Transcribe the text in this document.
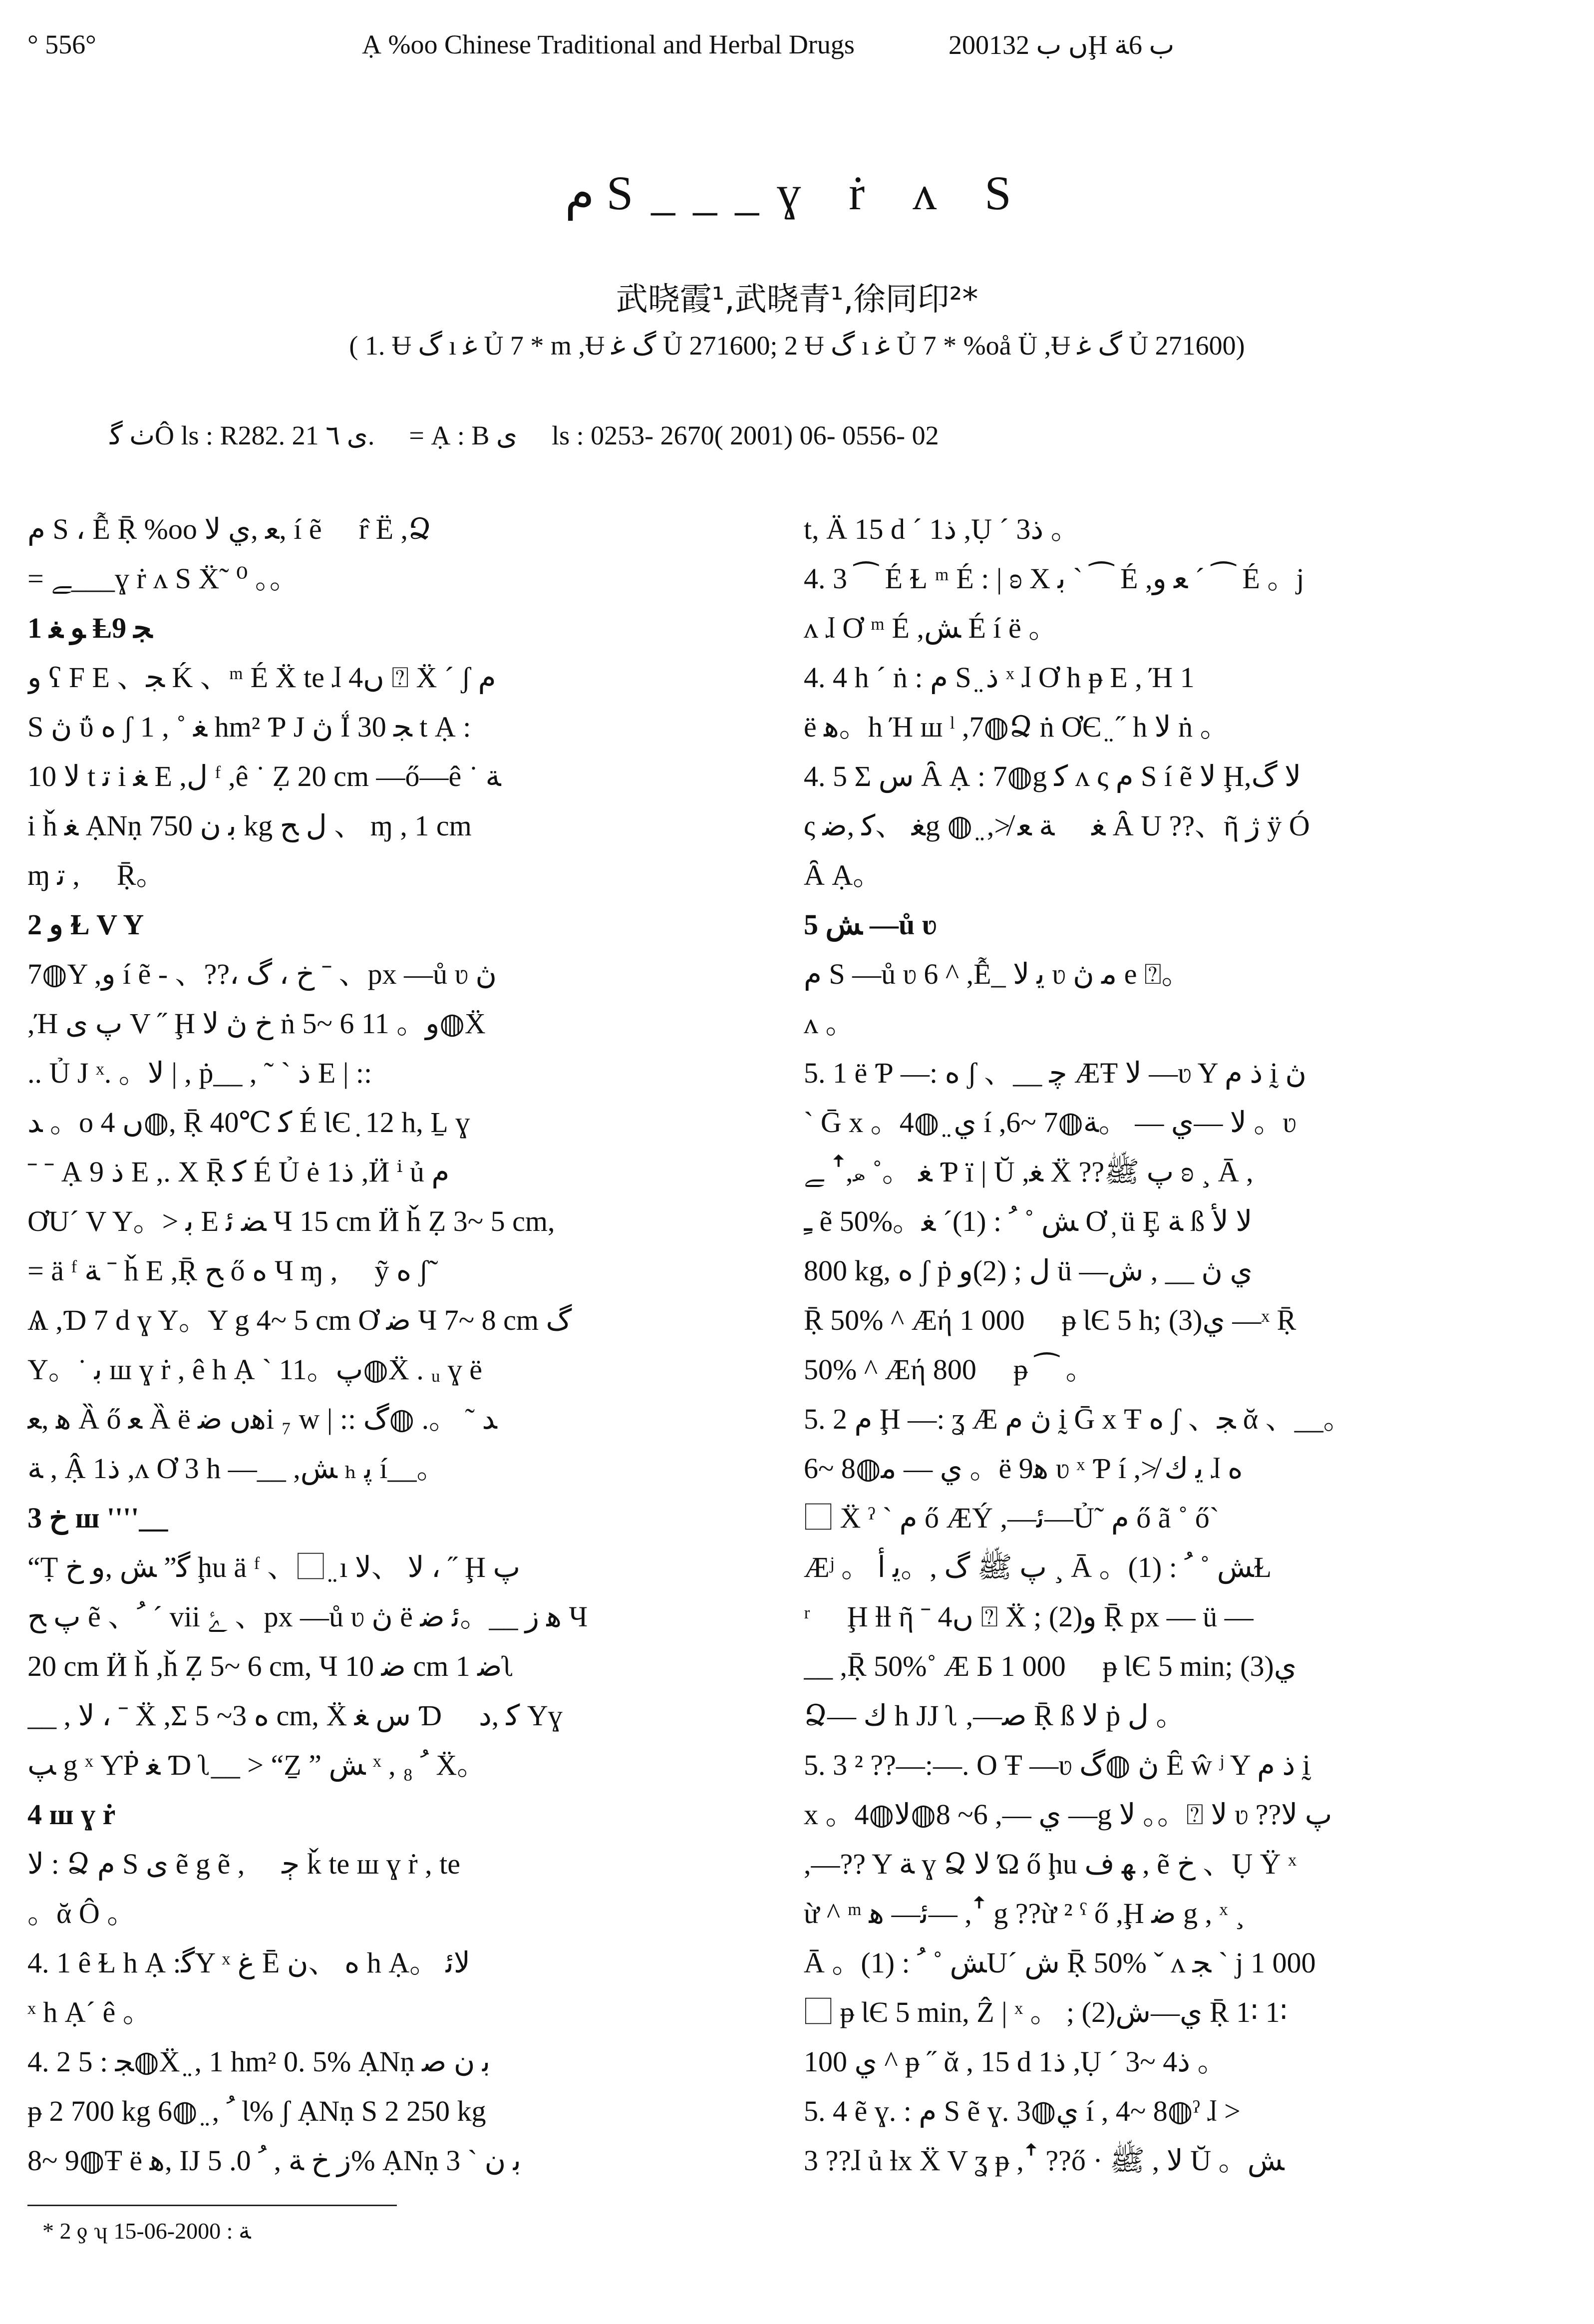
° 556°	Ạ %oo Chinese Traditional and Herbal Drugs	2001ں ب 32Ḩ ب 6ﺔ
م S___ɣ ṙ ʌ S
武晓霞¹,武晓青¹,徐同印²*
( 1. Ʉ گ ı ﻏ Ủ 7 * m ,Ʉ گ ﻏ Ủ 271600; 2 Ʉ گ ı ﻏ Ủ 7 * %oå Ü ,Ʉ گ ﻏ Ủ 271600)
ٺ ﮔÔ ls : R282. 21 ى ٦. ⃞ = Ạ : B ى ⃞ ls : 0253- 2670( 2001) 06- 0556- 02
م S ، Ễ Ṝ %oo ﻌ ,ي لا, í ẽ ⃞ r̂ Ë ,Ձ
= ﮯ___ɣ ṙ ʌ S Ẍ˜ ⁰ 。。
1 ﻮ ﻐ Ⱡ9 ﺠ
ﻭ ʕ F E 、ﺠ Ḱ 、ᵐ É Ẍ te ɺ 4ں ⍰ Ẍ ˊ ʃ م
S ڽ ΰ ﻩ ʃ ﻐ ˚ , 1 hm² Ƥ J ڽ Ḯ ﺠ 30 t Ạ :
ﻻ 10 t ﺗ i ﻐ E ,ﻝ ᶠ ,ê ˙ Ẓ 20 cm —ő—ê ˙ ﺔ
i ȟ ﻐ ẠNṇ ﺑ ﻥ 750 kg ﻝ ﺢ 、 ɱ , 1 cm
ɱ ﺗ , ⃞ Ṝ。
2 ﻭ Ɫ V Y
7◍Y ,ﻭ í ẽ - 、??، ﺥ ، گ ˉ 、px —ů ʋ ڽ
,Ή ﭖ ى V ˝ Ḩ ﺥ ڽ ﻻ ṅ 5~ 6 ﻭ。 11◍Ẍ
.. Ủ J ˣ. 。ﻻ | , ṗ__ , ˜ ` ﺫ E | ::
ﺪ 。o ں 4◍, Ṝ 40℃ ﮐ É ƖЄ ̣ 12 h, Ḻ ɣ
ˉ ˉ Ạ ﺫ 9 E ,. X Ṝ ﮐ É Ủ ė 1ﺫ ,Ӥ ⁱ ủ م
ƠU´ V Y。> ﺑ E ﻀ ﺋ Ч 15 cm Ӥ ȟ Ẓ 3~ 5 cm,
= ä ᶠ ﺔ ˉ ȟ E ,Ṝ ﺢ ő ﻩ Ч ɱ , ⃞ ỹ ﻩ ʃ˜
Ѧ ,Ɗ 7 d ɣ Y。Y g 4~ 5 cm Ơ ﺿ Ч 7~ 8 cm گ
Y。˙ ﺑ ш ɣ ṙ , ê h Ạ ˋ ﭖ。11◍Ẍ . ᵤ ɣ ë
ﮬ ,ﻌ Ȁ ő ﻌ Ȁ ë ﮬں ﺿi ₇ w | :: ﺪ ˜ 。. ◍گ
ﺔ , Ậ 1ﺫ ,ʌ Ơ 3 h —__ ,ﺶ ₕ ﭘ í__。
3 ﺥ ш ''''__
“Ṭ ﮔ” ﺶ ,ﻭ ﺥ ḩu ä ᶠ 、⃞ ̤ ı ﻻ 、ﻻ ، ˝ Ḩ ﭖ
ﭖ ﺢ ẽ 、ﹸ ˊ vii ﮰ 、px —ů ʋ ڽ ë ﮬ ﺯ __。ﺋ ﺿ Ч
20 cm Ӥ ȟ ,ȟ Ẓ 5~ 6 cm, Ч ﺿ 10 cm ﺿ 1ʅ
__ , ﻻ ، ˉ Ẍ ,Σ ﻩ 3~ 5 cm, Ẍ ﺱ ﻐ Ɗ ⃞ ﮐ ,ﺩ Yɣ
ﭗ g ˣ ƳṖ ﻐ Ɗ ʅ__ > “Ẕ ” ﺶ ˣ , ﹸ ₈ Ẍ。
4 ш ɣ ṙ
ﻻ : Ձ م S ى ẽ g ẽ , ⃞ ﭴ ǩ te ш ɣ ṙ , te
。ᾰ Ô 。
4. 1 ê Ɫ h Ạ :ﮔY ˣ ﻍ Ē ﻩ 、ﻥ h Ạ。 ﻻﺋ
ˣ h Ạ´ ê 。
4. 2 ﺠ : 5◍Ẍ ̤ , 1 hm² 0. 5% ẠNṇ ﺑ ﻥ ﺻ
ᵽ 2 700 kg 6◍ ̤ , ﹸ Ɩ% ʃ ẠNṇ S 2 250 kg
8~ 9◍Ŧ ë ﮬ, IJ ﺯ ﺥ ﺔ , ﹸ 0. 5% ẠNṇ ﺑ ﻥ ˋ 3
t, Ä 15 d ˊ 1ﺫ ,Ụ ˊ 3ﺫ 。
4. 3 ⁀ É Ɫ ᵐ É : | ʚ X ﺑ ˋ ⁀ É ,ﻌ ﻭ ´ ⁀ É 。j
ʌ ɺ Ơ ᵐ É ,ﺶ É í ë 。
4. 4 h ´ ṅ : م S ̤ ﺫ ˣ ɺ Ơ h ᵽ E , Ή 1
ë ﮬ。h Ή ш ˡ ,7◍Ձ ṅ ƠЄ ̤ ˝ h ﻻ ṅ 。
4. 5 Σ ﺱ Ȃ Ạ : 7◍g ﮐ ʌ ς م S í ẽ ﻻ Ḩ,ﻻ گ
ς ﻐ 、ﮐ ,ﺿg ◍ ̤ ,≯ ﻐ ⃞ ﺔ ﻌ Ȃ U ??、ῆ ﮊ ÿ Ó
Ȃ Ạ。
5 ﺶ —ů ʋ
م S —ů ʋ 6 ^ ,Ễ_ ﻳ ﻻ ʋ ﻣ ڽ e ⍰。
ʌ 。
5. 1 ë Ƥ —: ﻩ ʃ 、__ ﭼ ÆŦ ﻻ —ʋ Y ﺫ م ḭ ڽ
ˋ Ḡ x 。4◍ ̤ ﻱ í ,6~ 7◍ﻻ —ي — 。ﺔ 。ʋ
ﻐ 。˚ ﮬ,ꜛ ﮯ Ƥ ï | Ŭ ,ﻐ Ẍ ??ﭖ ﷺ ʚ ¸ Ā ,
ﹻ ẽ 50%。ﺶ ˚ ﹸ : (1)´ ﻐ Ơ ̦ ü Ȩ ﺔ ß ﻻ ﻷ
800 kg, ﻩ ʃ ṗ ﻝ ; (2)ﻭ ü —ي ڽ __ , ﺵ
Ṝ 50% ^ Æή 1 000 ⃞ ᵽ ƖЄ 5 h; (3)ي —ˣ Ṝ
50% ^ Æή 800 ⃞ ᵽ ⁀ 。
5. 2 م Ḩ —: ʓ Æ ڽ م ḭ Ḡ x Ŧ ﻩ ʃ 、ﺠ ᾰ 、__。
6~ 8◍ي — ﻣ 。ë ﮬ9 ʋ ˣ Ƥ í ,≯ ﻳ ﻙ ɺ ﻩ
⃞ Ẍ ˀ ` م ő ÆÝ ,—ﺋ—Ủ˜ م ő ã ˚ ő`
Æʲ 。 ﭖ ﷺ گ ,。ﻳ ﺃ ¸ Ā 。ﺶ ˚ ﹸ : (1)Ɫ
ʳ ⃞ Ḩ ƚƚ ῆ ˉ 4ں ⍰ Ẍ ; (2)ﻭ Ṝ px — ü —
__ ,Ṝ 50%˚ Æ Б 1 000 ⃞ ᵽ ƖЄ 5 min; (3)ي
Ձ— ﻙ h JJ ʅ ,—ﺻ Ṝ ß ﻻ ṗ ﻝ 。
5. 3 ² ??—:—. O Ŧ —ʋ ڽ ◍گ Ȇ ŵ ʲ Y ﺫ م ḭ
x 。4◍ي —, 6~ 8◍ﻻ —g ﻻ 。。⍰ ﻻ ʋ ??ﭖ ﻻ
,—?? Y ﺔ ɣ Ձ ﻻ Ώ ő ḩu ﻬ ﻑ , ẽ ﺥ 、Ụ Ÿ ˣ
ừ ^ ᵐ ﺋ— ﻫ— ,ꜛ g ??ừ ² ˁ ő ,Ḩ ﺿ g , ˣ ¸
Ā 。ﺶ ˚ ﹸ : (1)U´ ﺵ Ṝ 50% ˇ ʌ ﺠ ` j 1 000
⃞ ᵽ ƖЄ 5 min, Ẑ | ˣ 。 ; (2)ي—ﺵ Ṝ 1∶ 1∶
100 ي ^ ᵽ ˝ ᾰ , 15 d 1ﺫ ,Ụ ˊ 3~ 4ﺫ 。
5. 4 ẽ ɣ. : م S ẽ ɣ. 3◍ي í , 4~ 8◍ˀ ɺ >
3 ??ɺ ủ ƚx Ẍ V ʓ ᵽ ,ꜛ ??ő · ﻻ , ﷺ Ŭ 。ﺶ
* 2 ƍ ʮ ﺔ : 2000-06-15
